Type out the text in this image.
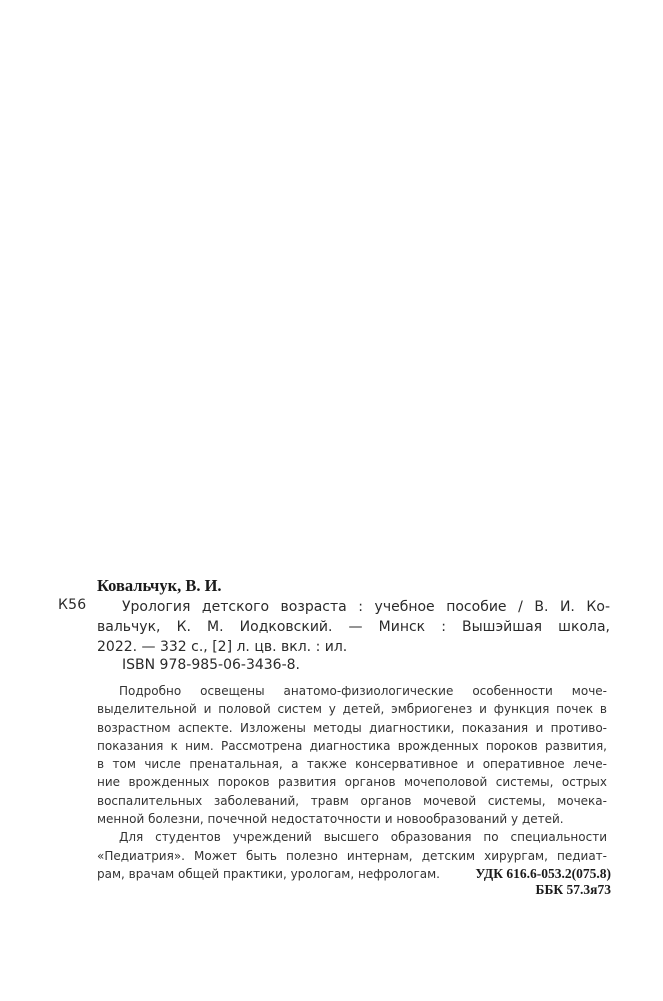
Ковальчук, В. И.
К56	Урология детского возраста : учебное пособие / В. И. Ко-
вальчук, К. М. Иодковский. — Минск : Вышэйшая школа,
2022. — 332 с., [2] л. цв. вкл. : ил.
ISBN 978-985-06-3436-8.
Подробно освещены анатомо-физиологические особенности моче-
выделительной и половой систем у детей, эмбриогенез и функция почек в
возрастном аспекте. Изложены методы диагностики, показания и противо-
показания к ним. Рассмотрена диагностика врожденных пороков развития,
в том числе пренатальная, а также консервативное и оперативное лече-
ние врожденных пороков развития органов мочеполовой системы, острых
воспалительных заболеваний, травм органов мочевой системы, мочека-
менной болезни, почечной недостаточности и новообразований у детей.
Для студентов учреждений высшего образования по специальности
«Педиатрия». Может быть полезно интернам, детским хирургам, педиат-
рам, врачам общей практики, урологам, нефрологам.	УДК 616.6-053.2(075.8)
ББК 57.3я73
